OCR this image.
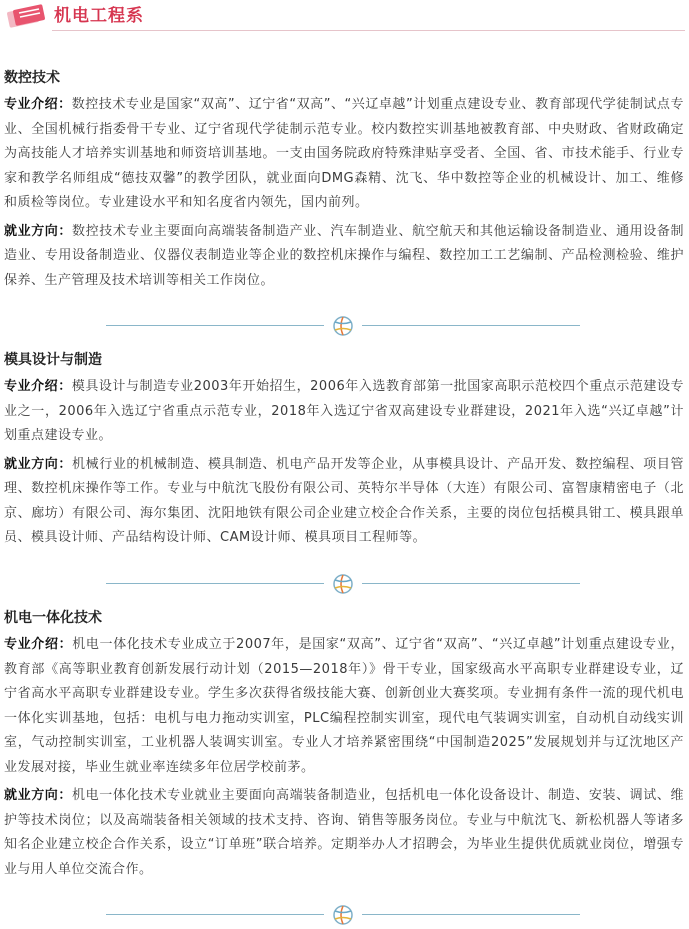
机电工程系
数控技术

专业介绍：数控技术专业是国家“双高”、辽宁省“双高”、“兴辽卓越”计划重点建设专业、教育部现代学徒制试点专业、全国机械行指委骨干专业、辽宁省现代学徒制示范专业。校内数控实训基地被教育部、中央财政、省财政确定为高技能人才培养实训基地和师资培训基地。一支由国务院政府特殊津贴享受者、全国、省、市技术能手、行业专家和教学名师组成“德技双馨”的教学团队，就业面向DMG森精、沈飞、华中数控等企业的机械设计、加工、维修和质检等岗位。专业建设水平和知名度省内领先，国内前列。

就业方向：数控技术专业主要面向高端装备制造产业、汽车制造业、航空航天和其他运输设备制造业、通用设备制造业、专用设备制造业、仪器仪表制造业等企业的数控机床操作与编程、数控加工工艺编制、产品检测检验、维护保养、生产管理及技术培训等相关工作岗位。

模具设计与制造

专业介绍：模具设计与制造专业2003年开始招生，2006年入选教育部第一批国家高职示范校四个重点示范建设专业之一，2006年入选辽宁省重点示范专业，2018年入选辽宁省双高建设专业群建设，2021年入选“兴辽卓越”计划重点建设专业。

就业方向：机械行业的机械制造、模具制造、机电产品开发等企业，从事模具设计、产品开发、数控编程、项目管理、数控机床操作等工作。专业与中航沈飞股份有限公司、英特尔半导体（大连）有限公司、富智康精密电子（北京、廊坊）有限公司、海尔集团、沈阳地铁有限公司企业建立校企合作关系，主要的岗位包括模具钳工、模具跟单员、模具设计师、产品结构设计师、CAM设计师、模具项目工程师等。

机电一体化技术

专业介绍：机电一体化技术专业成立于2007年，是国家“双高”、辽宁省“双高”、“兴辽卓越”计划重点建设专业，教育部《高等职业教育创新发展行动计划（2015—2018年）》骨干专业，国家级高水平高职专业群建设专业，辽宁省高水平高职专业群建设专业。学生多次获得省级技能大赛、创新创业大赛奖项。专业拥有条件一流的现代机电一体化实训基地，包括：电机与电力拖动实训室，PLC编程控制实训室，现代电气装调实训室，自动机自动线实训室，气动控制实训室，工业机器人装调实训室。专业人才培养紧密围绕“中国制造2025”发展规划并与辽沈地区产业发展对接，毕业生就业率连续多年位居学校前茅。

就业方向：机电一体化技术专业就业主要面向高端装备制造业，包括机电一体化设备设计、制造、安装、调试、维护等技术岗位；以及高端装备相关领域的技术支持、咨询、销售等服务岗位。专业与中航沈飞、新松机器人等诸多知名企业建立校企合作关系，设立“订单班”联合培养。定期举办人才招聘会，为毕业生提供优质就业岗位，增强专业与用人单位交流合作。
